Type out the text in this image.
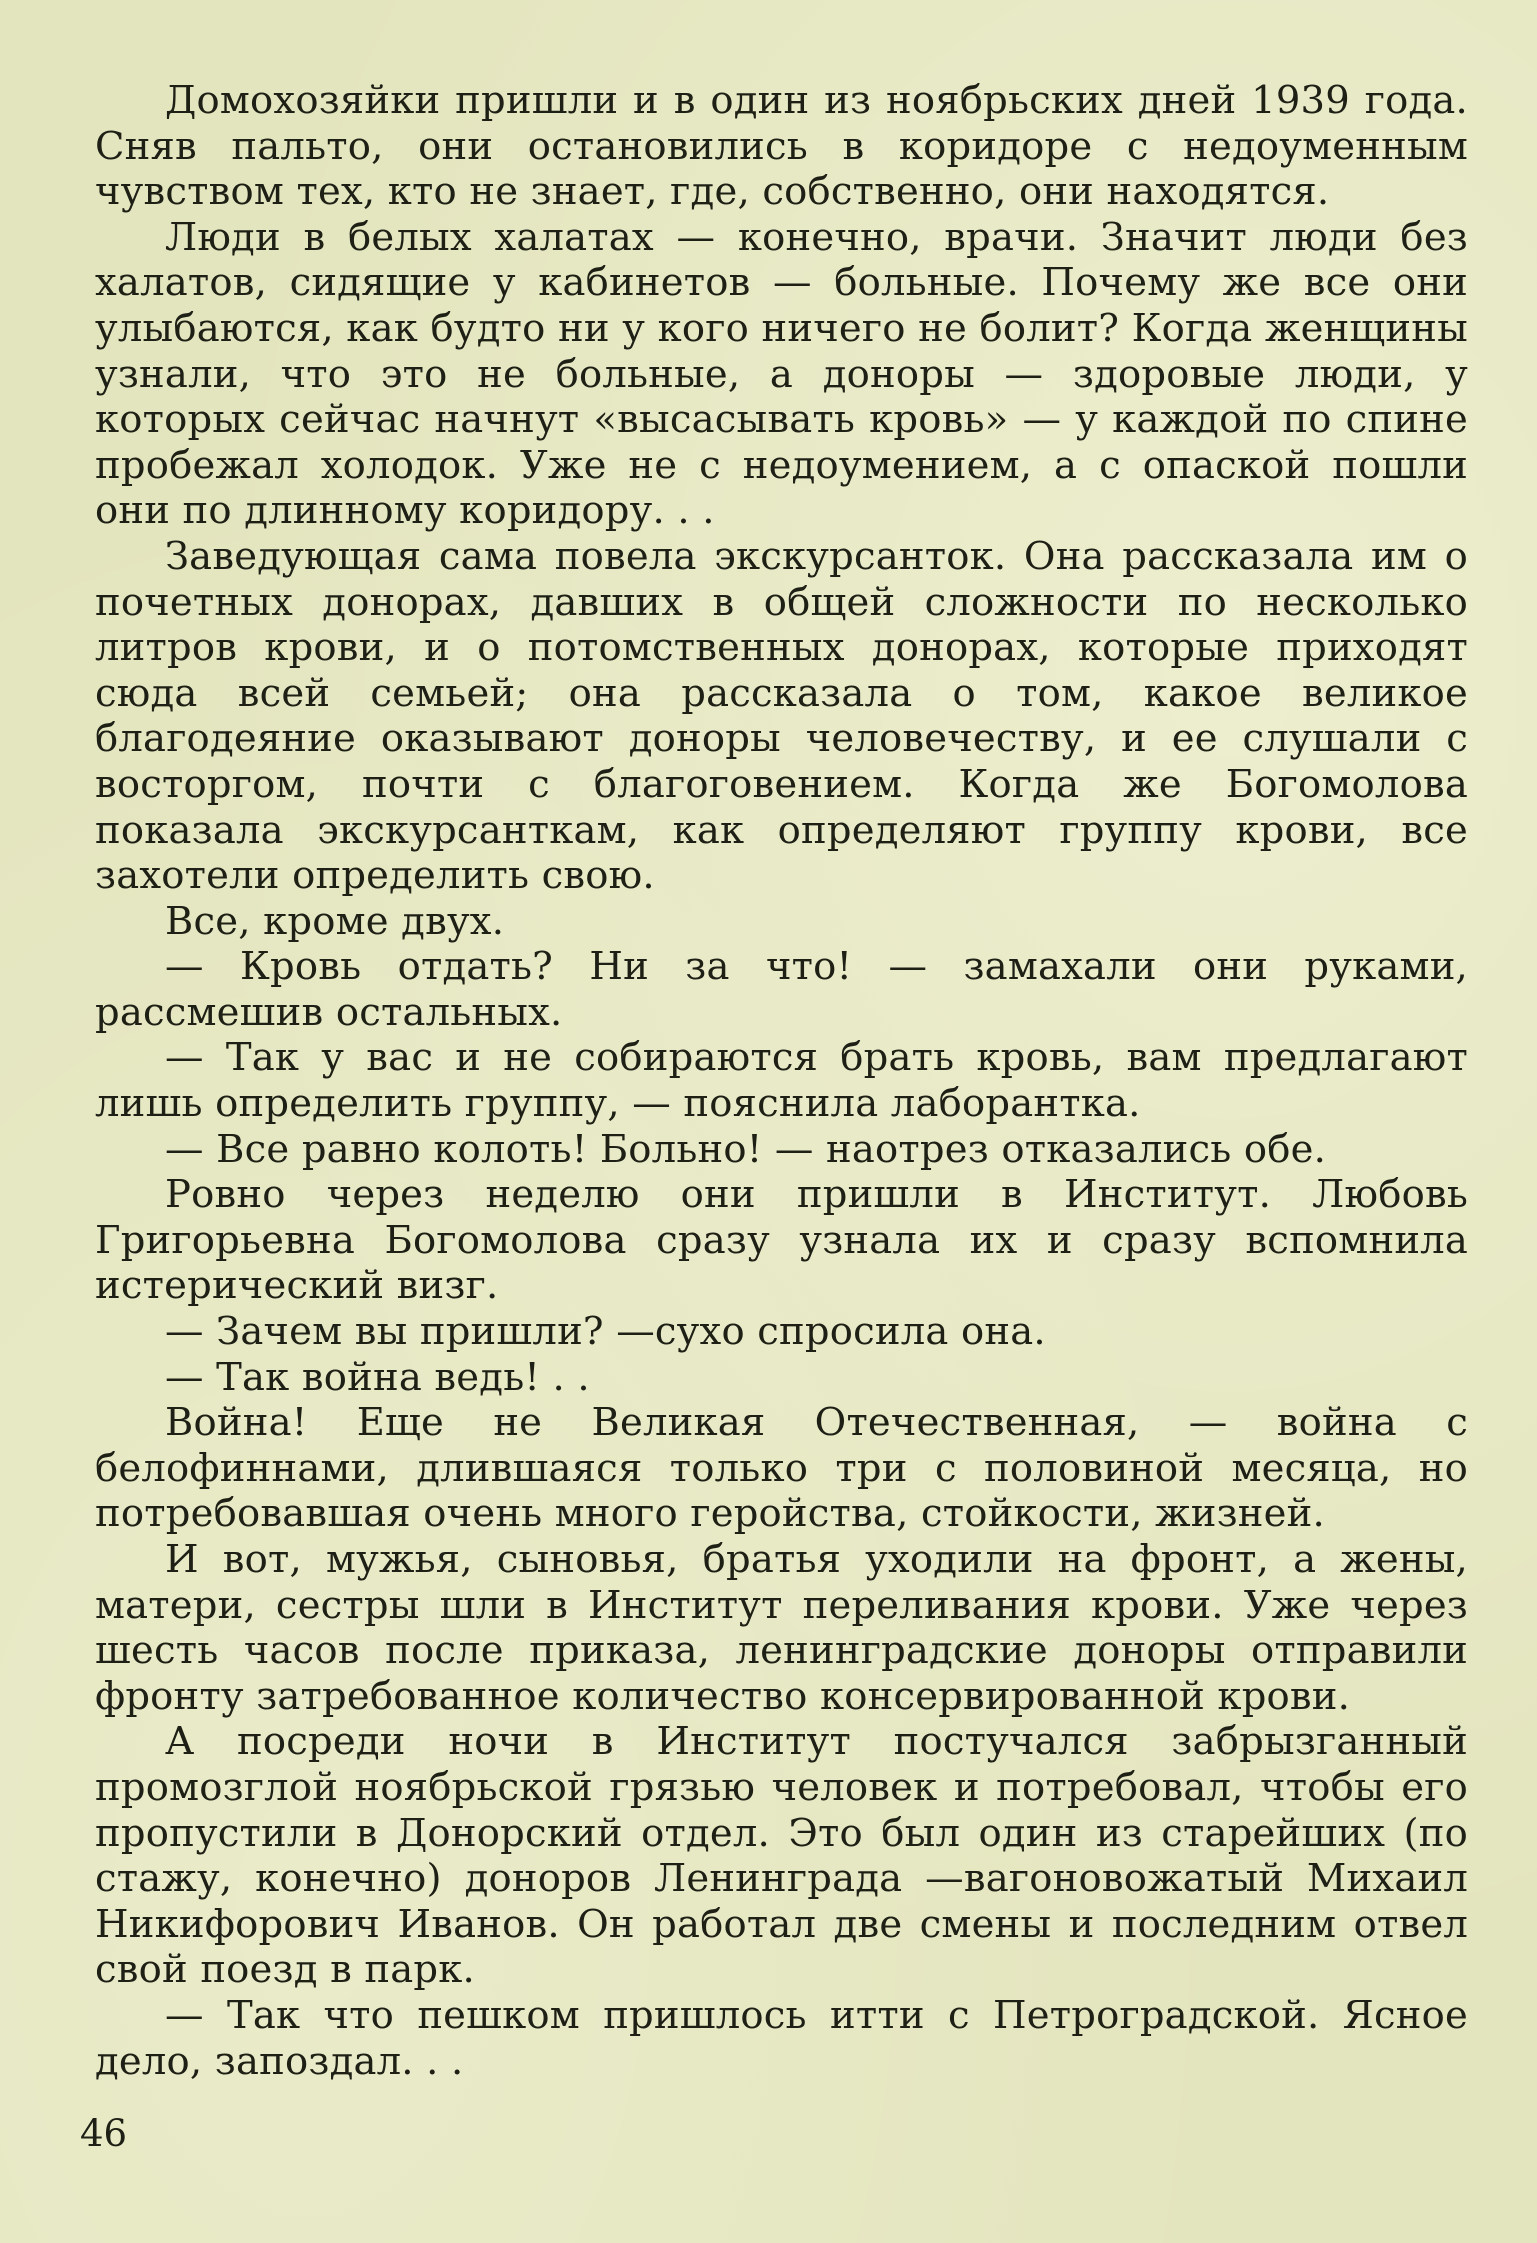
Домохозяйки пришли и в один из ноябрьских дней 1939 года. Сняв пальто, они остановились в коридоре с недоуменным чувством тех, кто не знает, где, собственно, они находятся.

Люди в белых халатах — конечно, врачи. Значит люди без халатов, сидящие у кабинетов — больные. Почему же все они улыбаются, как будто ни у кого ничего не болит? Когда женщины узнали, что это не больные, а доноры — здоровые люди, у которых сейчас начнут «высасывать кровь» — у каждой по спине пробежал холодок. Уже не с недоумением, а с опаской пошли они по длинному коридору. . .

Заведующая сама повела экскурсанток. Она рассказала им о почетных донорах, давших в общей сложности по несколько литров крови, и о потомственных донорах, которые приходят сюда всей семьей; она рассказала о том, какое великое благодеяние оказывают доноры человечеству, и ее слушали с восторгом, почти с благоговением. Когда же Богомолова показала экскурсанткам, как определяют группу крови, все захотели определить свою.

Все, кроме двух.

— Кровь отдать? Ни за что! — замахали они руками, рассмешив остальных.

— Так у вас и не собираются брать кровь, вам предлагают лишь определить группу, — пояснила лаборантка.

— Все равно колоть! Больно! — наотрез отказались обе.

Ровно через неделю они пришли в Институт. Любовь Григорьевна Богомолова сразу узнала их и сразу вспомнила истерический визг.

— Зачем вы пришли? —сухо спросила она.

— Так война ведь! . .

Война! Еще не Великая Отечественная, — война с белофиннами, длившаяся только три с половиной месяца, но потребовавшая очень много геройства, стойкости, жизней.

И вот, мужья, сыновья, братья уходили на фронт, а жены, матери, сестры шли в Институт переливания крови. Уже через шесть часов после приказа, ленинградские доноры отправили фронту затребованное количество консервированной крови.

А посреди ночи в Институт постучался забрызганный промозглой ноябрьской грязью человек и потребовал, чтобы его пропустили в Донорский отдел. Это был один из старейших (по стажу, конечно) доноров Ленинграда —вагоновожатый Михаил Никифорович Иванов. Он работал две смены и последним отвел свой поезд в парк.

— Так что пешком пришлось итти с Петроградской. Ясное дело, запоздал. . .

46
